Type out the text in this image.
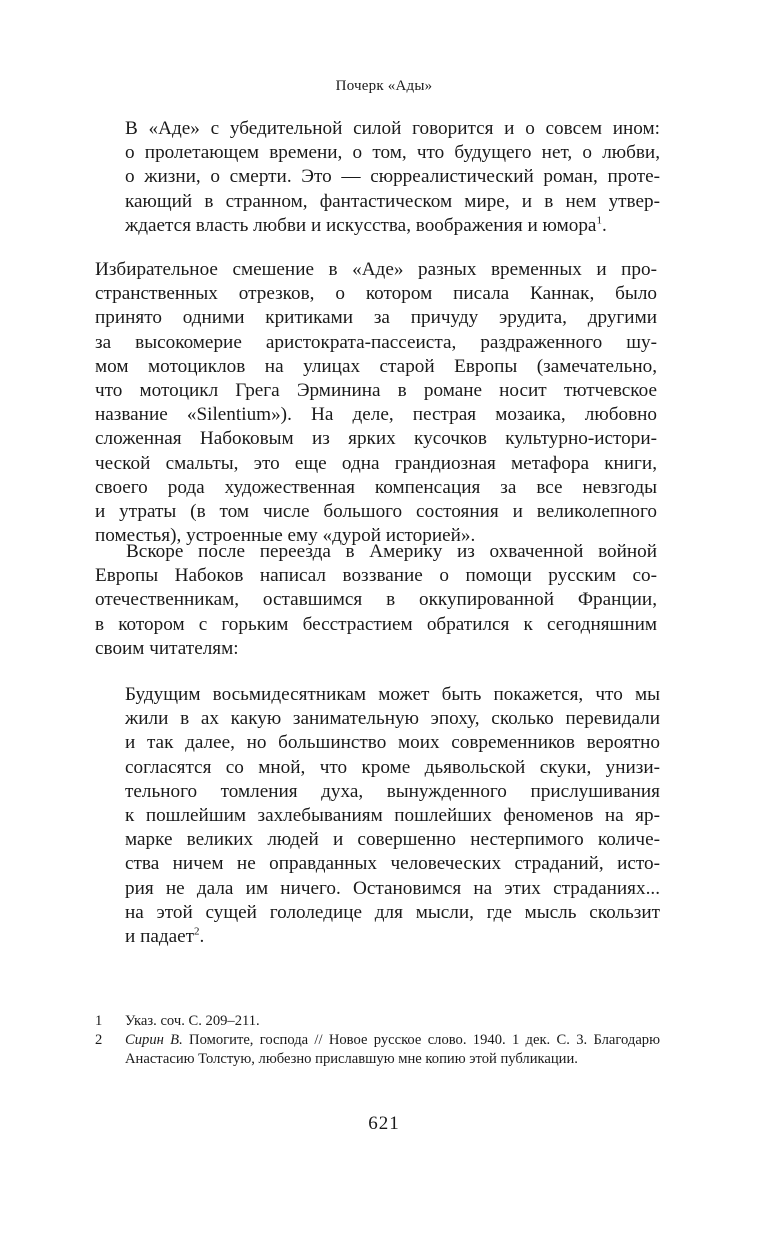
Почерк «Ады»
В «Аде» с убедительной силой говорится и о совсем ином:
о пролетающем времени, о том, что будущего нет, о любви,
о жизни, о смерти. Это — сюрреалистический роман, проте-
кающий в странном, фантастическом мире, и в нем утвер-
ждается власть любви и искусства, воображения и юмора$^1$.
Избирательное смешение в «Аде» разных временных и про-
странственных отрезков, о котором писала Каннак, было
принято одними критиками за причуду эрудита, другими
за высокомерие аристократа-пассеиста, раздраженного шу-
мом мотоциклов на улицах старой Европы (замечательно,
что мотоцикл Грега Эрминина в романе носит тютчевское
название «Silentium»). На деле, пестрая мозаика, любовно
сложенная Набоковым из ярких кусочков культурно-истори-
ческой смальты, это еще одна грандиозная метафора книги,
своего рода художественная компенсация за все невзгоды
и утраты (в том числе большого состояния и великолепного
поместья), устроенные ему «дурой историей».
Вскоре после переезда в Америку из охваченной войной
Европы Набоков написал воззвание о помощи русским со-
отечественникам, оставшимся в оккупированной Франции,
в котором с горьким бесстрастием обратился к сегодняшним
своим читателям:
Будущим восьмидесятникам может быть покажется, что мы
жили в ах какую занимательную эпоху, сколько перевидали
и так далее, но большинство моих современников вероятно
согласятся со мной, что кроме дьявольской скуки, унизи-
тельного томления духа, вынужденного прислушивания
к пошлейшим захлебываниям пошлейших феноменов на яр-
марке великих людей и совершенно нестерпимого количе-
ства ничем не оправданных человеческих страданий, исто-
рия не дала им ничего. Остановимся на этих страданиях...
на этой сущей гололедице для мысли, где мысль скользит
и падает$^2$.
1 Указ. соч. С. 209–211.
2 Сирин В. Помогите, господа // Новое русское слово. 1940. 1 дек. С. 3. Благодарю Анастасию Толстую, любезно приславшую мне копию этой публикации.
621
